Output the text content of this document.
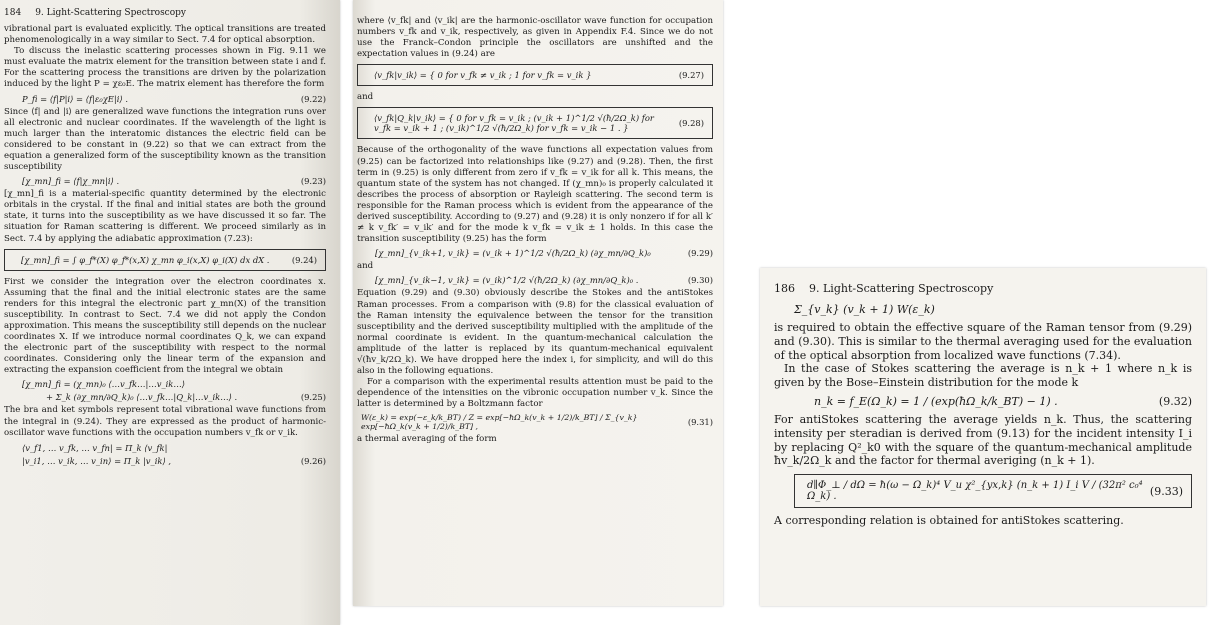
184 9. Light-Scattering Spectroscopy

vibrational part is evaluated explicitly. The optical transitions are treated phenomenologically in a way similar to Sect. 7.4 for optical absorption.

To discuss the inelastic scattering processes shown in Fig. 9.11 we must evaluate the matrix element for the transition between state i and f. For the scattering process the transitions are driven by the polarization induced by the light P = χε₀E. The matrix element has therefore the form

P_fi = ⟨f|P|i⟩ = ⟨f|ε₀χE|i⟩ .	(9.22)

Since ⟨f| and |i⟩ are generalized wave functions the integration runs over all electronic and nuclear coordinates. If the wavelength of the light is much larger than the interatomic distances the electric field can be considered to be constant in (9.22) so that we can extract from the equation a generalized form of the susceptibility known as the transition susceptibility

[χ_mn]_fi = ⟨f|χ_mn|i⟩ .	(9.23)

[χ_mn]_fi is a material-specific quantity determined by the electronic orbitals in the crystal. If the final and initial states are both the ground state, it turns into the susceptibility as we have discussed it so far. The situation for Raman scattering is different. We proceed similarly as in Sect. 7.4 by applying the adiabatic approximation (7.23):

[χ_mn]_fi = ∫ φ_f*(X) φ_f*(x,X) χ_mn φ_i(x,X) φ_i(X) dx dX .	(9.24)

First we consider the integration over the electron coordinates x. Assuming that the final and the initial electronic states are the same renders for this integral the electronic part χ_mn(X) of the transition susceptibility. In contrast to Sect. 7.4 we did not apply the Condon approximation. This means the susceptibility still depends on the nuclear coordinates X. If we introduce normal coordinates Q_k, we can expand the electronic part of the susceptibility with respect to the normal coordinates. Considering only the linear term of the expansion and extracting the expansion coefficient from the integral we obtain

[χ_mn]_fi = (χ_mn)₀ ⟨…v_fk…|…v_ik…⟩
+ Σ_k (∂χ_mn/∂Q_k)₀ ⟨…v_fk…|Q_k|…v_ik…⟩ .	(9.25)

The bra and ket symbols represent total vibrational wave functions from the integral in (9.24). They are expressed as the product of harmonic-oscillator wave functions with the occupation numbers v_fk or v_ik.

⟨v_f1, … v_fk, … v_fn| = Π_k ⟨v_fk|
|v_i1, … v_ik, … v_in⟩ = Π_k |v_ik⟩ ,	(9.26)

where ⟨v_fk| and ⟨v_ik| are the harmonic-oscillator wave function for occupation numbers v_fk and v_ik, respectively, as given in Appendix F.4. Since we do not use the Franck–Condon principle the oscillators are unshifted and the expectation values in (9.24) are

⟨v_fk|v_ik⟩ = { 0 for v_fk ≠ v_ik ; 1 for v_fk = v_ik }	(9.27)

and

⟨v_fk|Q_k|v_ik⟩ = { 0 for v_fk = v_ik ; (v_ik + 1)^1/2 √(ħ/2Ω_k) for v_fk = v_ik + 1 ; (v_ik)^1/2 √(ħ/2Ω_k) for v_fk = v_ik − 1 . }	(9.28)

Because of the orthogonality of the wave functions all expectation values from (9.25) can be factorized into relationships like (9.27) and (9.28). Then, the first term in (9.25) is only different from zero if v_fk = v_ik for all k. This means, the quantum state of the system has not changed. If (χ_mn)₀ is properly calculated it describes the process of absorption or Rayleigh scattering. The second term is responsible for the Raman process which is evident from the appearance of the derived susceptibility. According to (9.27) and (9.28) it is only nonzero if for all k′ ≠ k v_fk′ = v_ik′ and for the mode k v_fk = v_ik ± 1 holds. In this case the transition susceptibility (9.25) has the form

[χ_mn]_{v_ik+1, v_ik} = (v_ik + 1)^1/2 √(ħ/2Ω_k) (∂χ_mn/∂Q_k)₀	(9.29)

and

[χ_mn]_{v_ik−1, v_ik} = (v_ik)^1/2 √(ħ/2Ω_k) (∂χ_mn/∂Q_k)₀ .	(9.30)

Equation (9.29) and (9.30) obviously describe the Stokes and the antiStokes Raman processes. From a comparison with (9.8) for the classical evaluation of the Raman intensity the equivalence between the tensor for the transition susceptibility and the derived susceptibility multiplied with the amplitude of the normal coordinate is evident. In the quantum-mechanical calculation the amplitude of the latter is replaced by its quantum-mechanical equivalent √(ħv_k/2Ω_k). We have dropped here the index i, for simplicity, and will do this also in the following equations.

For a comparison with the experimental results attention must be paid to the dependence of the intensities on the vibronic occupation number v_k. Since the latter is determined by a Boltzmann factor

W(ε_k) = exp(−ε_k/k_BT) / Z = exp[−ħΩ_k(v_k + 1/2)/k_BT] / Σ_{v_k} exp[−ħΩ_k(v_k + 1/2)/k_BT] ,	(9.31)

a thermal averaging of the form

186 9. Light-Scattering Spectroscopy
Σ_{v_k} (v_k + 1) W(ε_k)

is required to obtain the effective square of the Raman tensor from (9.29) and (9.30). This is similar to the thermal averaging used for the evaluation of the optical absorption from localized wave functions (7.34).

In the case of Stokes scattering the average is n_k + 1 where n_k is given by the Bose–Einstein distribution for the mode k

n_k = f_E(Ω_k) = 1 / (exp(ħΩ_k/k_BT) − 1) .	(9.32)

For antiStokes scattering the average yields n_k. Thus, the scattering intensity per steradian is derived from (9.13) for the incident intensity I_i by replacing Q²_k0 with the square of the quantum-mechanical amplitude ħv_k/2Ω_k and the factor for thermal averiging (n_k + 1).

d∥Φ_⊥ / dΩ = ħ(ω − Ω_k)⁴ V_u χ²_{yx,k} (n_k + 1) I_i V / (32π² c₀⁴ Ω_k) .	(9.33)

A corresponding relation is obtained for antiStokes scattering.
